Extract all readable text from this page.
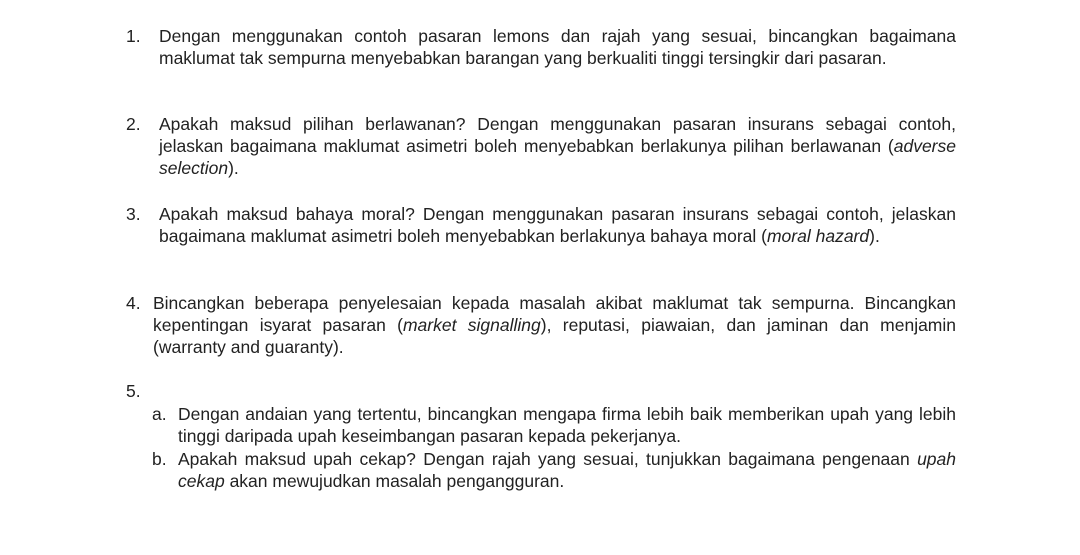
1. Dengan menggunakan contoh pasaran lemons dan rajah yang sesuai, bincangkan bagaimana maklumat tak sempurna menyebabkan barangan yang berkualiti tinggi tersingkir dari pasaran.
2. Apakah maksud pilihan berlawanan? Dengan menggunakan pasaran insurans sebagai contoh, jelaskan bagaimana maklumat asimetri boleh menyebabkan berlakunya pilihan berlawanan (adverse selection).
3. Apakah maksud bahaya moral? Dengan menggunakan pasaran insurans sebagai contoh, jelaskan bagaimana maklumat asimetri boleh menyebabkan berlakunya bahaya moral (moral hazard).
4. Bincangkan beberapa penyelesaian kepada masalah akibat maklumat tak sempurna. Bincangkan kepentingan isyarat pasaran (market signalling), reputasi, piawaian, dan jaminan dan menjamin (warranty and guaranty).
5.
a. Dengan andaian yang tertentu, bincangkan mengapa firma lebih baik memberikan upah yang lebih tinggi daripada upah keseimbangan pasaran kepada pekerjanya.
b. Apakah maksud upah cekap? Dengan rajah yang sesuai, tunjukkan bagaimana pengenaan upah cekap akan mewujudkan masalah pengangguran.
